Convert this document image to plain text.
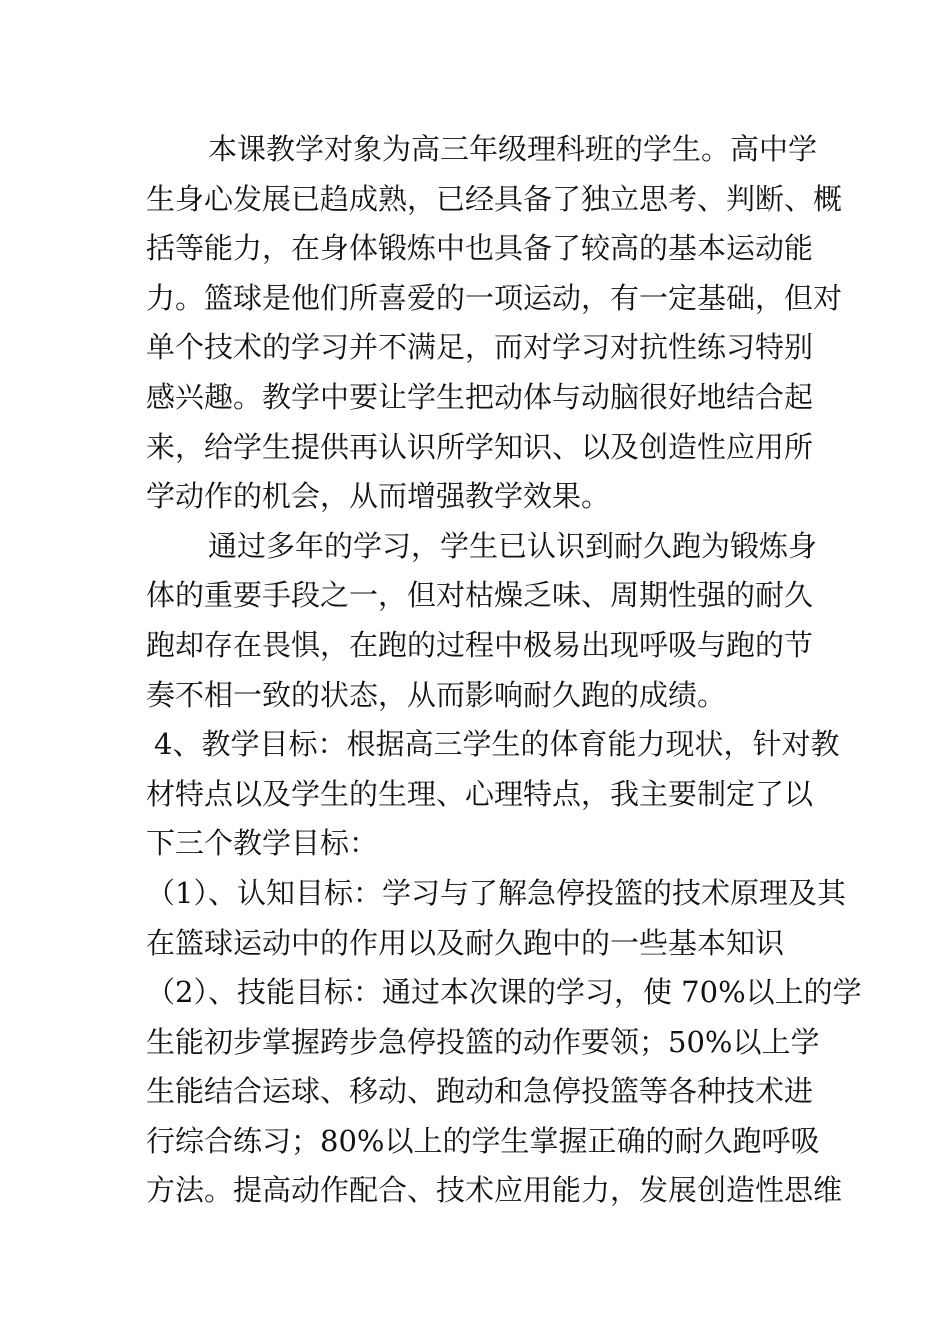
本课教学对象为高三年级理科班的学生。高中学
生身心发展已趋成熟，已经具备了独立思考、判断、概
括等能力，在身体锻炼中也具备了较高的基本运动能
力。篮球是他们所喜爱的一项运动，有一定基础，但对
单个技术的学习并不满足，而对学习对抗性练习特别
感兴趣。教学中要让学生把动体与动脑很好地结合起
来，给学生提供再认识所学知识、以及创造性应用所
学动作的机会，从而增强教学效果。
通过多年的学习，学生已认识到耐久跑为锻炼身
体的重要手段之一，但对枯燥乏味、周期性强的耐久
跑却存在畏惧，在跑的过程中极易出现呼吸与跑的节
奏不相一致的状态，从而影响耐久跑的成绩。
4、教学目标：根据高三学生的体育能力现状，针对教
材特点以及学生的生理、心理特点，我主要制定了以
下三个教学目标：
（1）、认知目标：学习与了解急停投篮的技术原理及其
在篮球运动中的作用以及耐久跑中的一些基本知识
（2）、技能目标：通过本次课的学习，使 70%以上的学
生能初步掌握跨步急停投篮的动作要领；50%以上学
生能结合运球、移动、跑动和急停投篮等各种技术进
行综合练习；80%以上的学生掌握正确的耐久跑呼吸
方法。提高动作配合、技术应用能力，发展创造性思维
